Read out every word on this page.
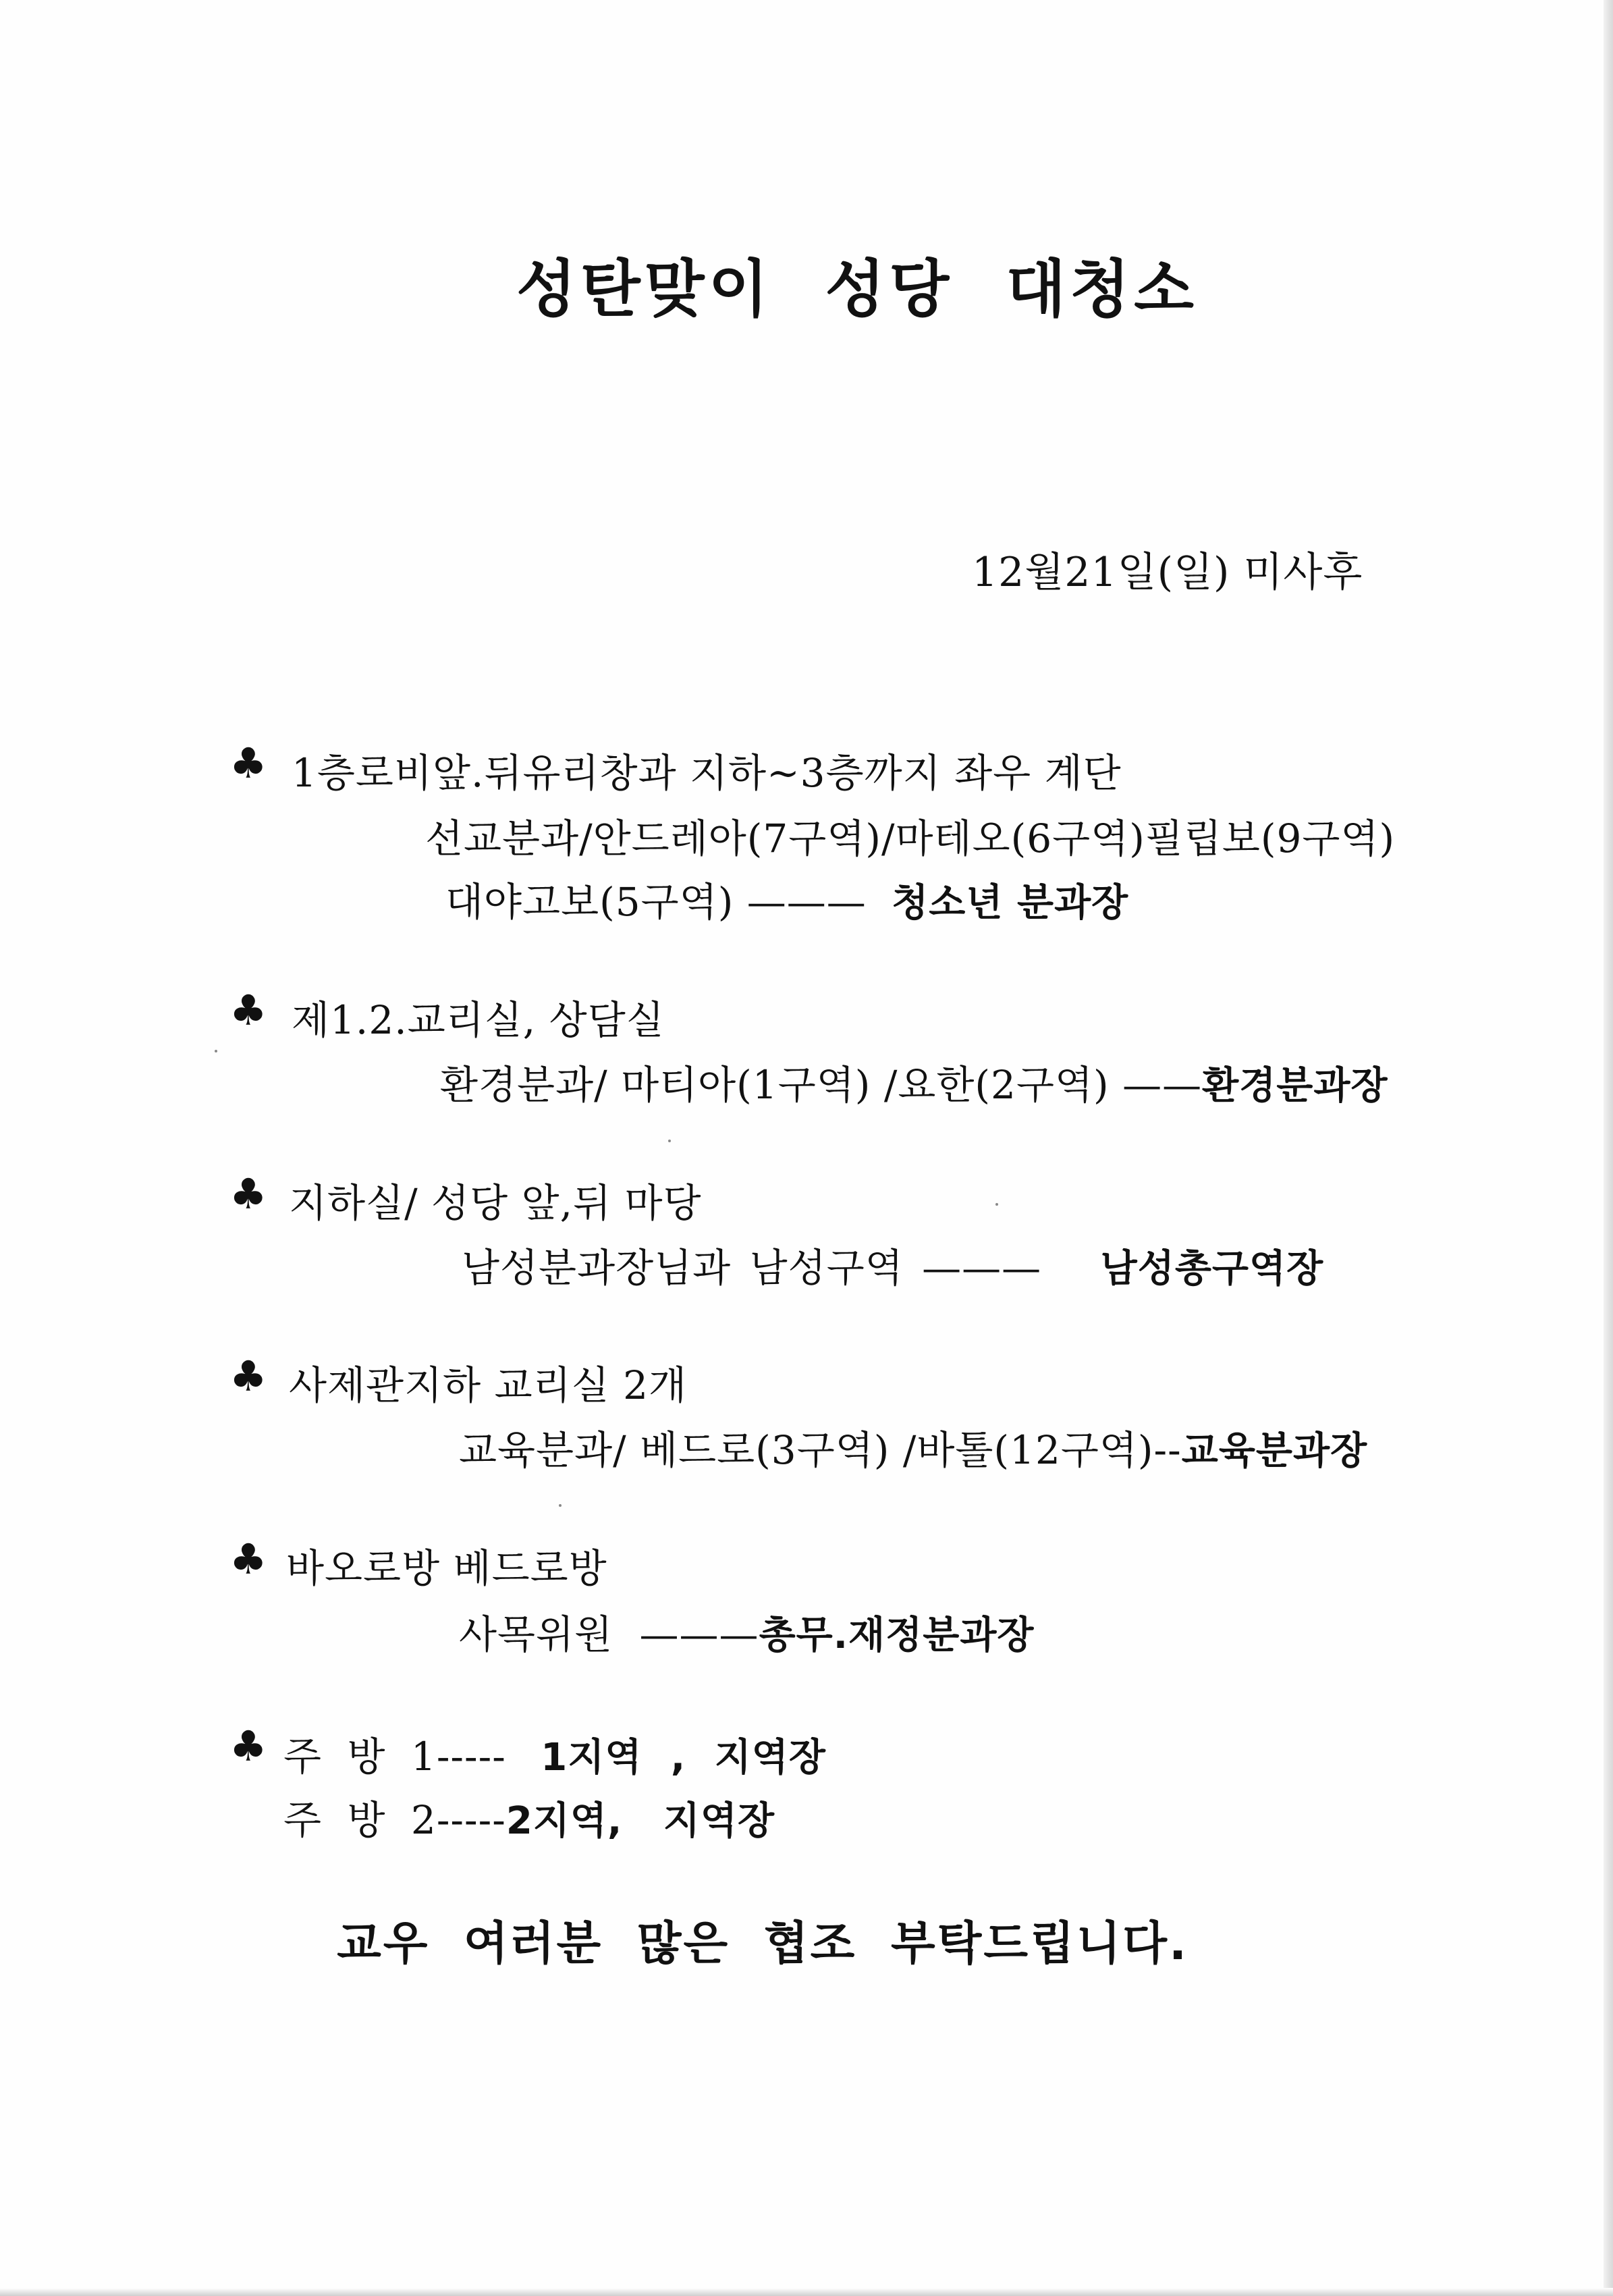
성탄맞이 성당 대청소
12월21일(일) 미사후
♣ 1층로비앞.뒤유리창과 지하~3층까지 좌우 계단
선교분과/안드레아(7구역)/마테오(6구역)필립보(9구역)
대야고보(5구역) ——— 청소년 분과장
♣ 제1.2.교리실, 상담실
환경분과/ 마티아(1구역) /요한(2구역) ——환경분과장
♣ 지하실/ 성당 앞,뒤 마당
남성분과장님과 남성구역 ——— 남성총구역장
♣ 사제관지하 교리실 2개
교육분과/ 베드로(3구역) /바톨(12구역)--교육분과장
♣ 바오로방 베드로방
사목위원 ———총무.재정분과장
♣ 주 방 1----- 1지역 , 지역장
주 방 2-----2지역, 지역장
교우 여러분 많은 협조 부탁드립니다.
